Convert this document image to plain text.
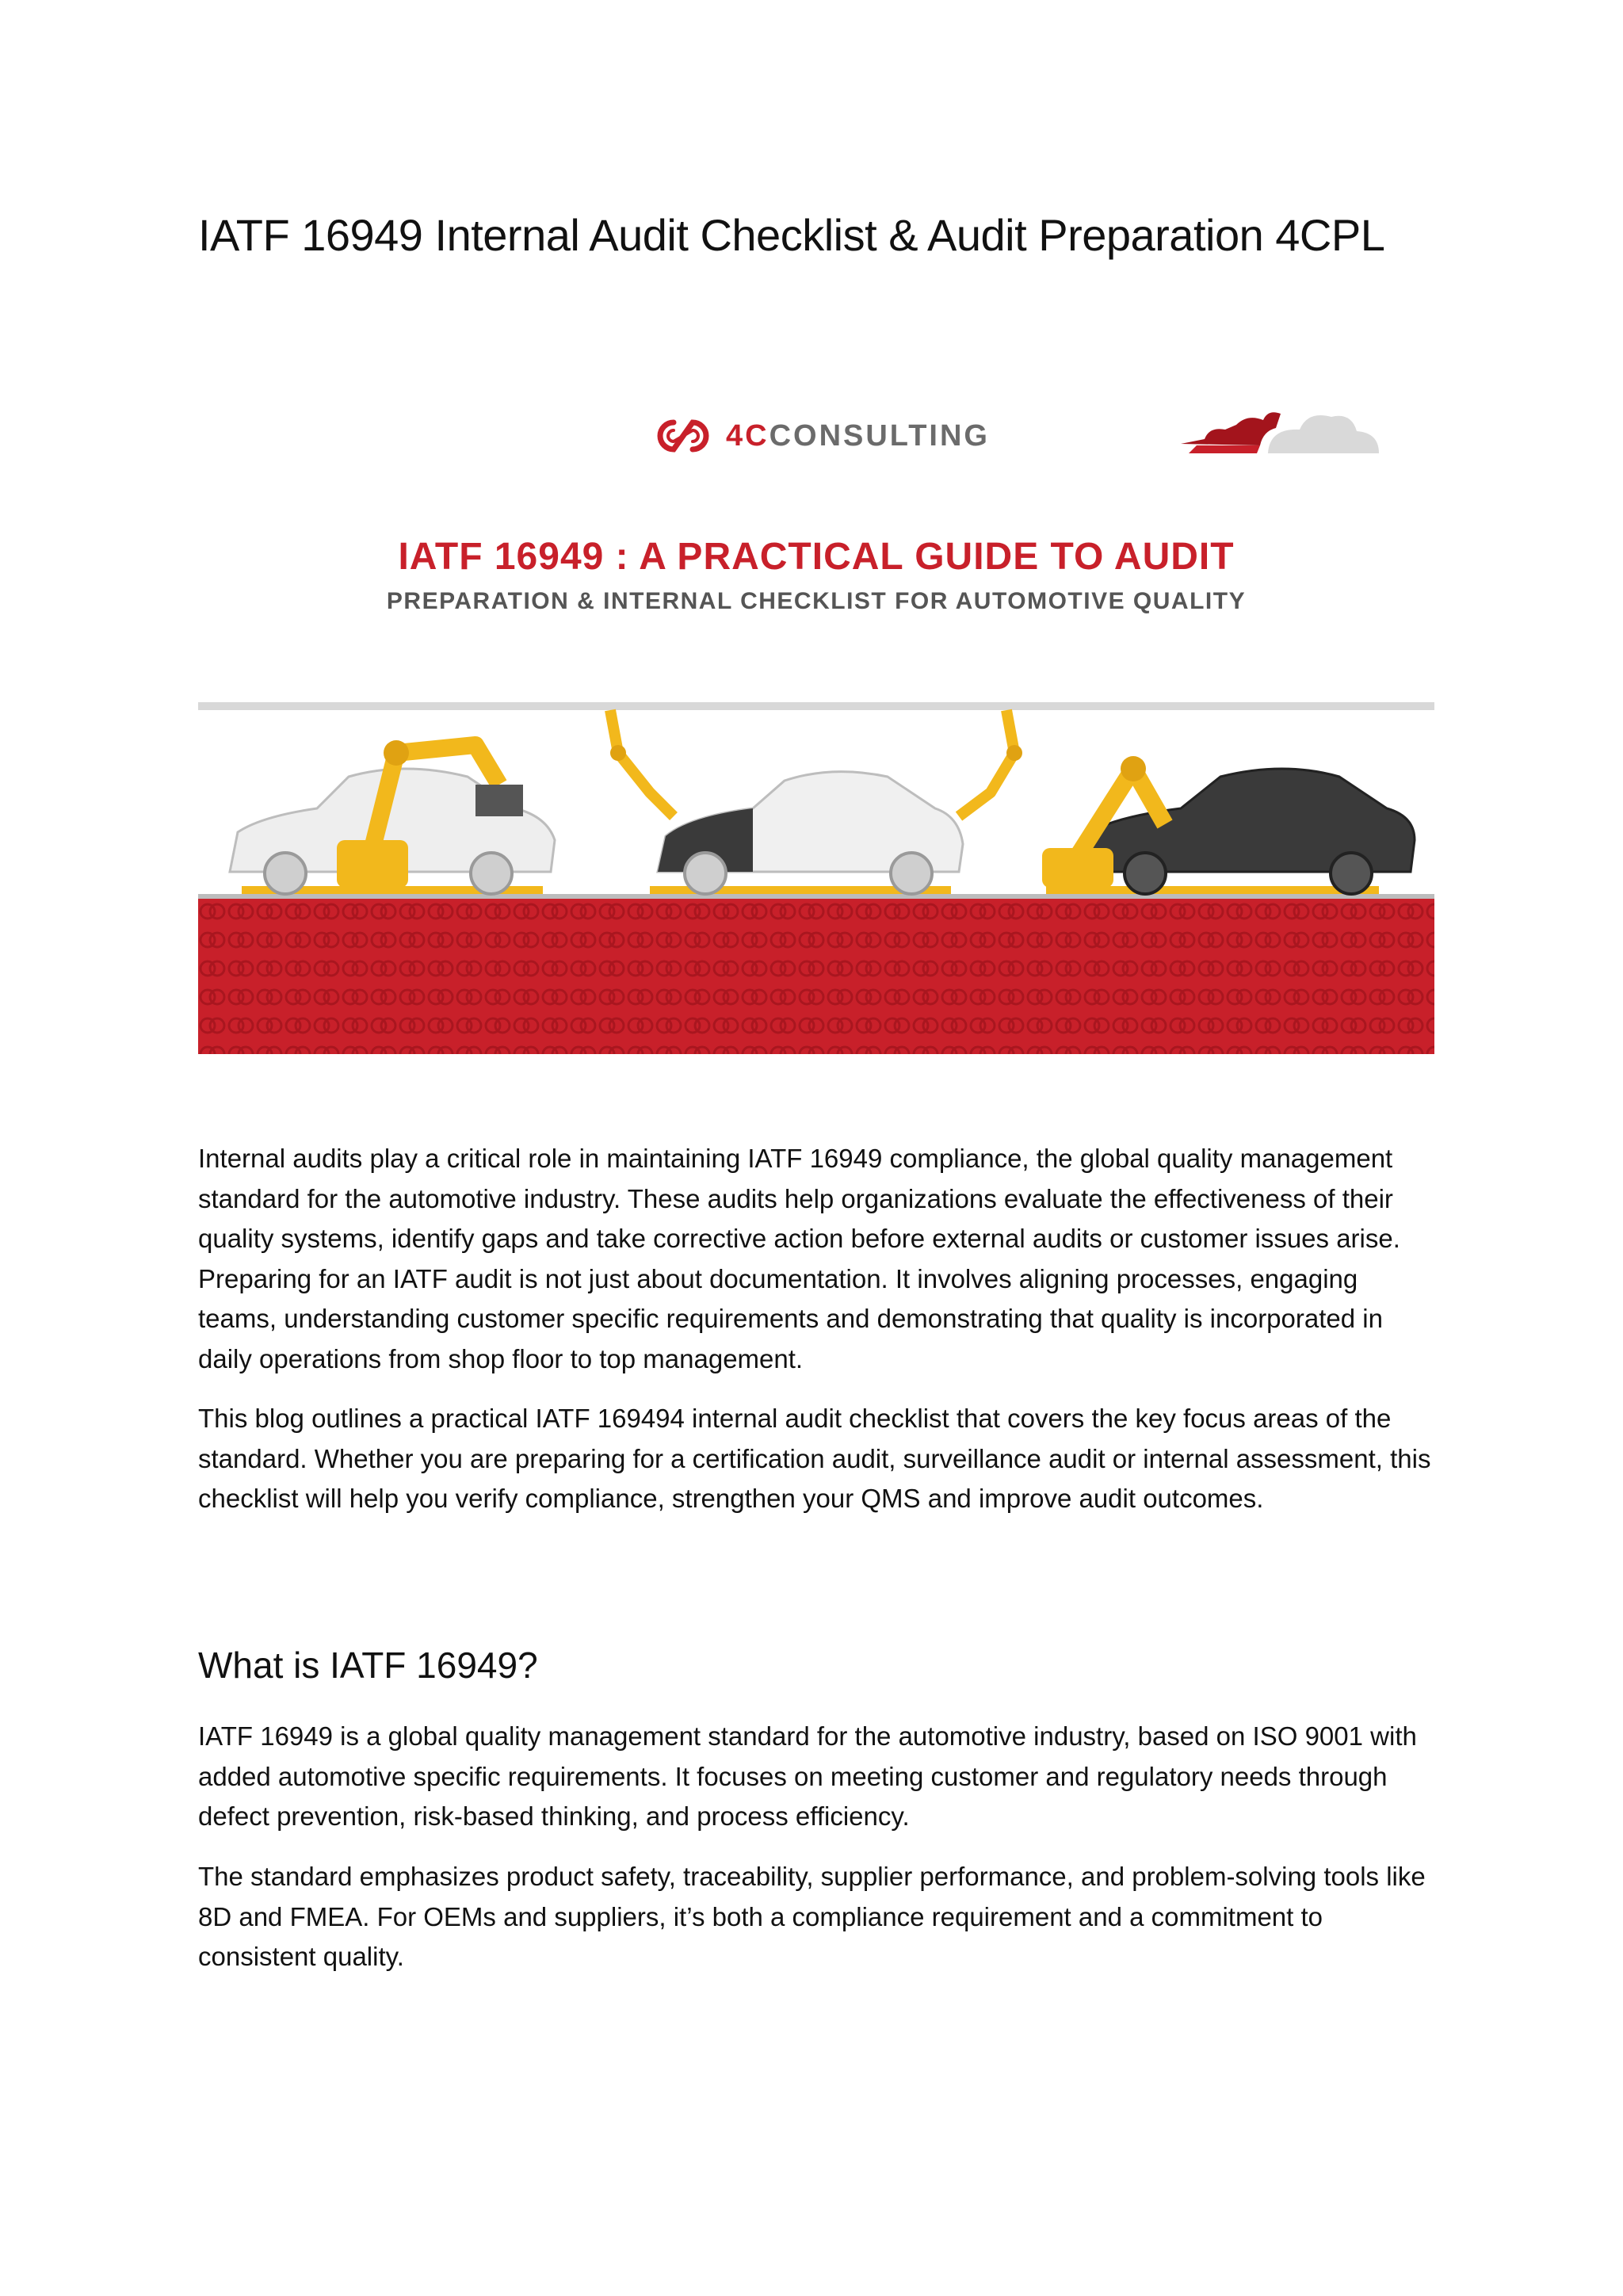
IATF 16949 Internal Audit Checklist & Audit Preparation 4CPL
4CCONSULTING
IATF 16949 : A PRACTICAL GUIDE TO AUDIT

PREPARATION & INTERNAL CHECKLIST FOR AUTOMOTIVE QUALITY

Internal audits play a critical role in maintaining IATF 16949 compliance, the global quality management standard for the automotive industry. These audits help organizations evaluate the effectiveness of their quality systems, identify gaps and take corrective action before external audits or customer issues arise. Preparing for an IATF audit is not just about documentation. It involves aligning processes, engaging teams, understanding customer specific requirements and demonstrating that quality is incorporated in daily operations from shop floor to top management.

This blog outlines a practical IATF 169494 internal audit checklist that covers the key focus areas of the standard. Whether you are preparing for a certification audit, surveillance audit or internal assessment, this checklist will help you verify compliance, strengthen your QMS and improve audit outcomes.

What is IATF 16949?

IATF 16949 is a global quality management standard for the automotive industry, based on ISO 9001 with added automotive specific requirements. It focuses on meeting customer and regulatory needs through defect prevention, risk-based thinking, and process efficiency.

The standard emphasizes product safety, traceability, supplier performance, and problem-solving tools like 8D and FMEA. For OEMs and suppliers, it’s both a compliance requirement and a commitment to consistent quality.
